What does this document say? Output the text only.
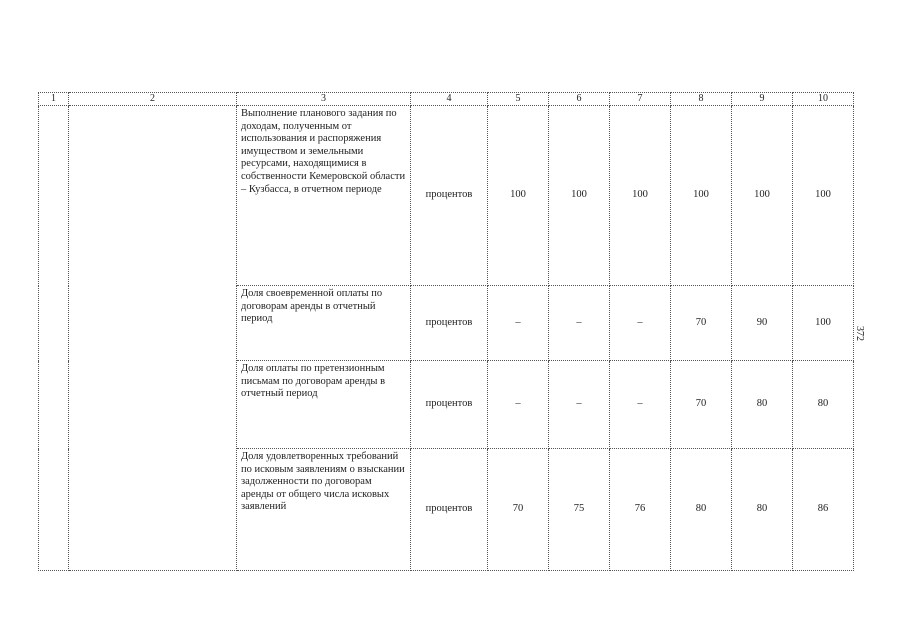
1	2	3	4	5	6	7	8	9	10
		Выполнение планового задания по доходам, полученным от использования и распоряжения имуществом и земельными ресурсами, находящимися в собственности Кемеровской области – Кузбасса, в отчетном периоде	процентов	100	100	100	100	100	100
		Доля своевременной оплаты по договорам аренды в отчетный период	процентов	–	–	–	70	90	100
		Доля оплаты по претензионным письмам по договорам аренды в отчетный период	процентов	–	–	–	70	80	80
		Доля удовлетворенных требований по исковым заявлениям о взыскании задолженности по договорам аренды от общего числа исковых заявлений	процентов	70	75	76	80	80	86
372
